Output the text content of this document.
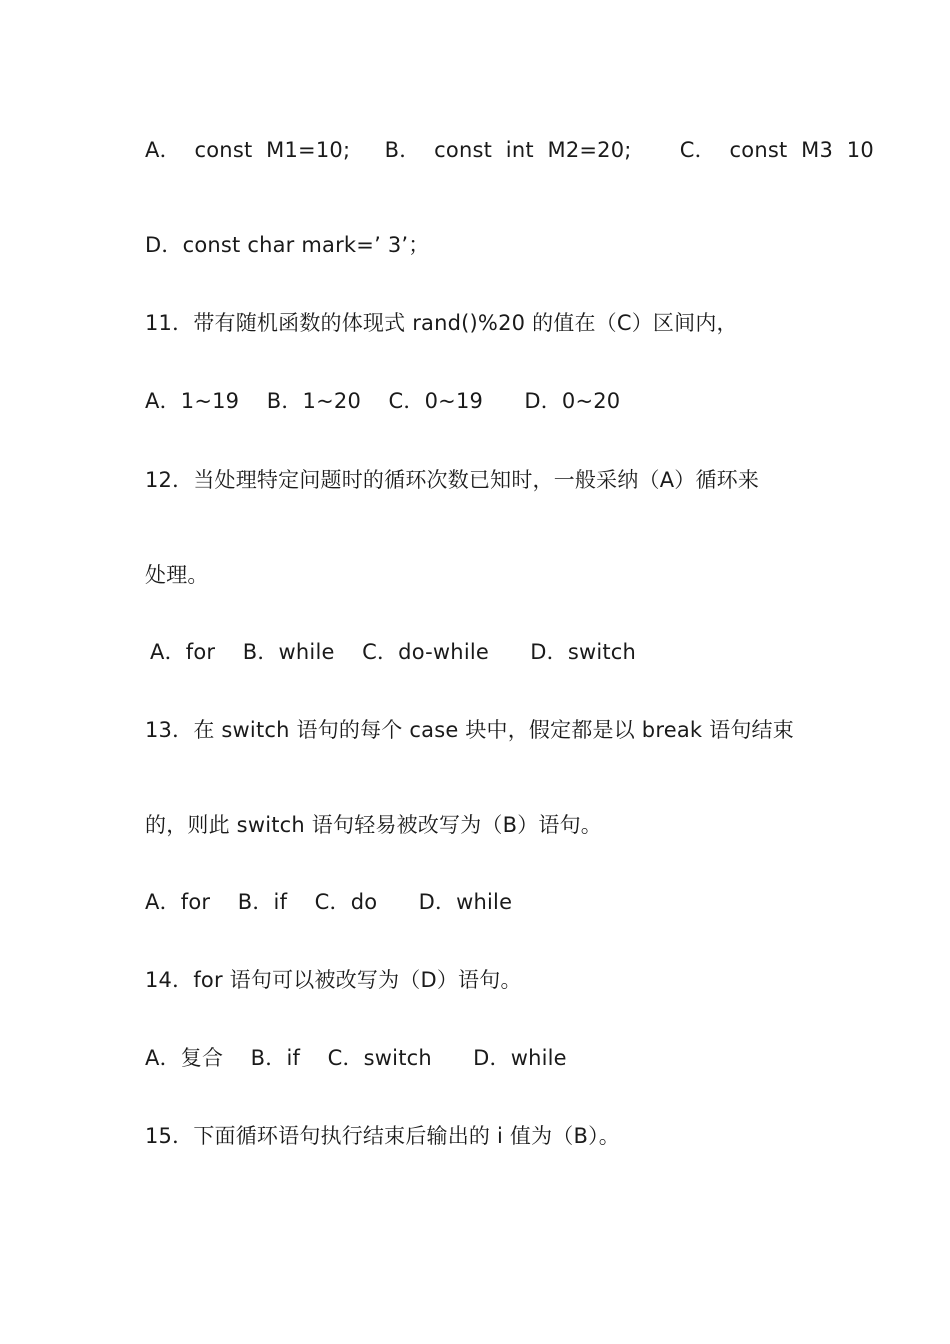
A．  const  M1=10;     B．  const  int  M2=20;       C．  const  M3  10
D．const char mark=’ 3’；
11．带有随机函数的体现式 rand()%20 的值在（C）区间内，
A．1~19    B．1~20    C．0~19      D．0~20
12．当处理特定问题时的循环次数已知时，一般采纳（A）循环来
处理。
A．for    B．while    C．do-while      D．switch
13．在 switch 语句的每个 case 块中，假定都是以 break 语句结束
的，则此 switch 语句轻易被改写为（B）语句。
A．for    B．if    C．do      D．while
14．for 语句可以被改写为（D）语句。
A．复合    B．if    C．switch      D．while
15．下面循环语句执行结束后输出的 i 值为（B）。
